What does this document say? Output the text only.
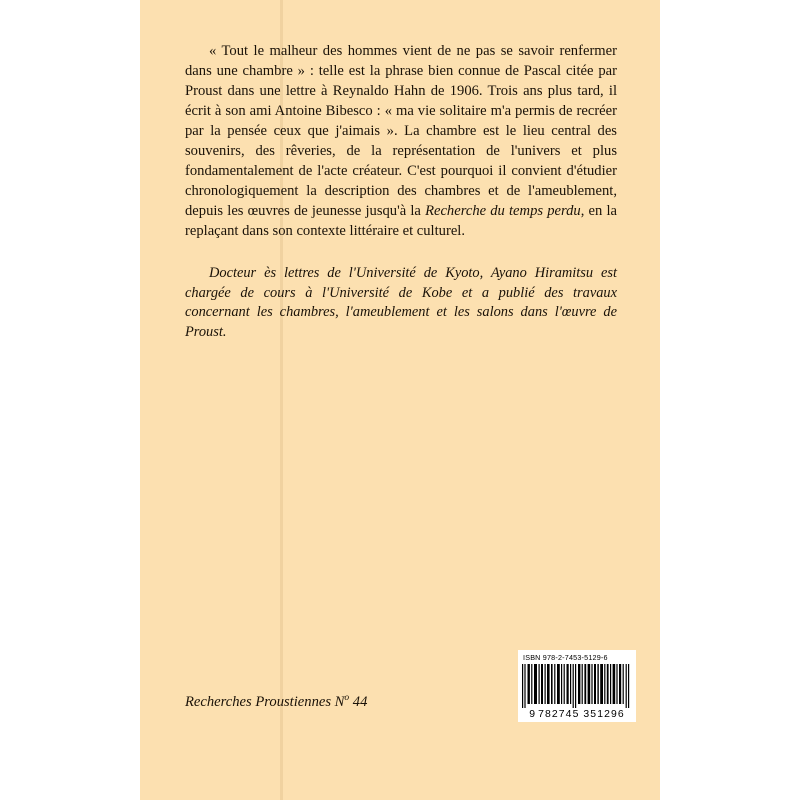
« Tout le malheur des hommes vient de ne pas se savoir renfermer dans une chambre » : telle est la phrase bien connue de Pascal citée par Proust dans une lettre à Reynaldo Hahn de 1906. Trois ans plus tard, il écrit à son ami Antoine Bibesco : « ma vie solitaire m'a permis de recréer par la pensée ceux que j'aimais ». La chambre est le lieu central des souvenirs, des rêveries, de la représentation de l'univers et plus fondamentalement de l'acte créateur. C'est pourquoi il convient d'étudier chronologiquement la description des chambres et de l'ameublement, depuis les œuvres de jeunesse jusqu'à la Recherche du temps perdu, en la replaçant dans son contexte littéraire et culturel.

Docteur ès lettres de l'Université de Kyoto, Ayano Hiramitsu est chargée de cours à l'Université de Kobe et a publié des travaux concernant les chambres, l'ameublement et les salons dans l'œuvre de Proust.

Recherches Proustiennes $N^o$ 44

ISBN 978-2-7453-5129-6

9 782745 351296
